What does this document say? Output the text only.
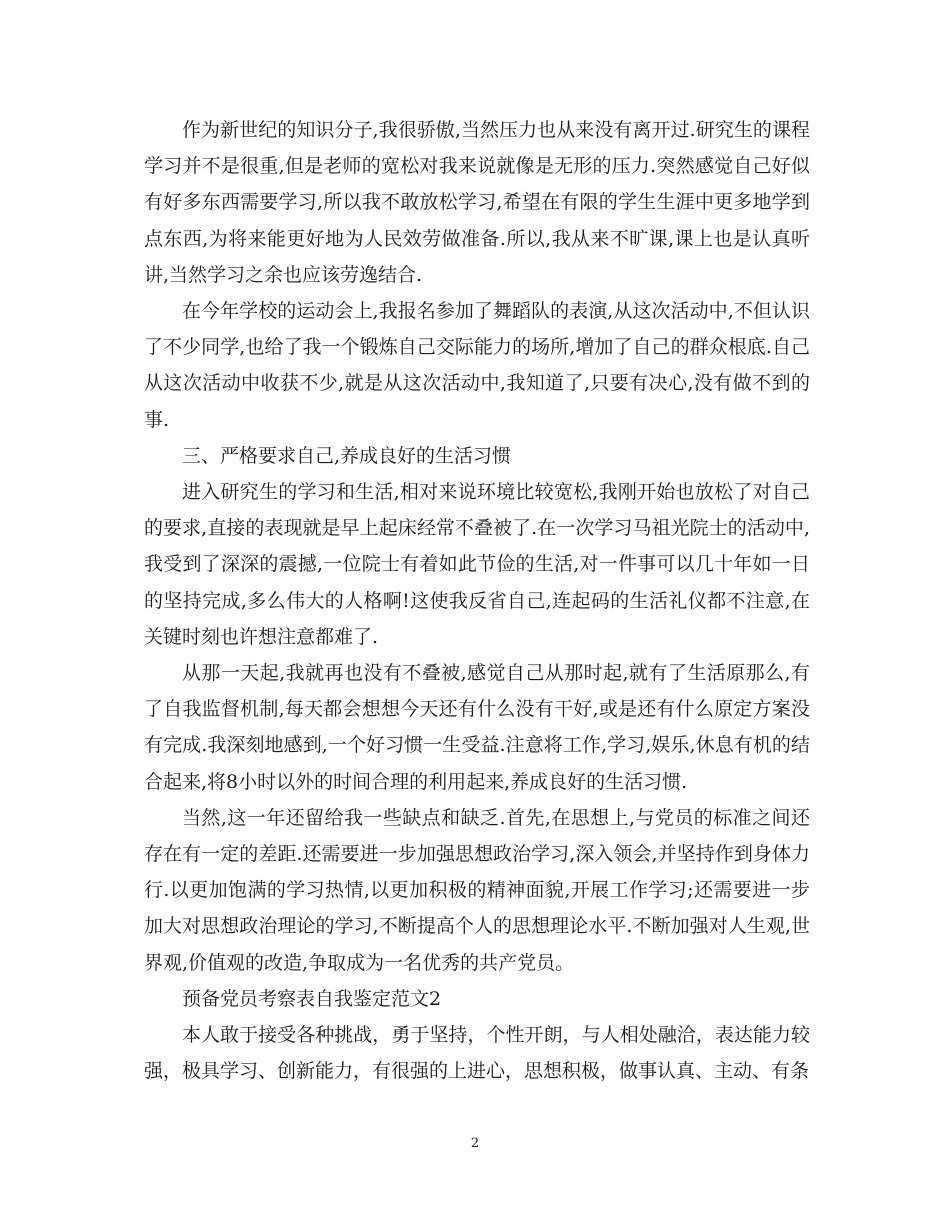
作为新世纪的知识分子,我很骄傲,当然压力也从来没有离开过.研究生的课程学习并不是很重,但是老师的宽松对我来说就像是无形的压力.突然感觉自己好似有好多东西需要学习,所以我不敢放松学习,希望在有限的学生生涯中更多地学到点东西,为将来能更好地为人民效劳做准备.所以,我从来不旷课,课上也是认真听讲,当然学习之余也应该劳逸结合.

在今年学校的运动会上,我报名参加了舞蹈队的表演,从这次活动中,不但认识了不少同学,也给了我一个锻炼自己交际能力的场所,增加了自己的群众根底.自己从这次活动中收获不少,就是从这次活动中,我知道了,只要有决心,没有做不到的事.

三、严格要求自己,养成良好的生活习惯

进入研究生的学习和生活,相对来说环境比较宽松,我刚开始也放松了对自己的要求,直接的表现就是早上起床经常不叠被了.在一次学习马祖光院士的活动中,我受到了深深的震撼,一位院士有着如此节俭的生活,对一件事可以几十年如一日的坚持完成,多么伟大的人格啊!这使我反省自己,连起码的生活礼仪都不注意,在关键时刻也许想注意都难了.

从那一天起,我就再也没有不叠被,感觉自己从那时起,就有了生活原那么,有了自我监督机制,每天都会想想今天还有什么没有干好,或是还有什么原定方案没有完成.我深刻地感到,一个好习惯一生受益.注意将工作,学习,娱乐,休息有机的结合起来,将8小时以外的时间合理的利用起来,养成良好的生活习惯.

当然,这一年还留给我一些缺点和缺乏.首先,在思想上,与党员的标准之间还存在有一定的差距.还需要进一步加强思想政治学习,深入领会,并坚持作到身体力行.以更加饱满的学习热情,以更加积极的精神面貌,开展工作学习;还需要进一步加大对思想政治理论的学习,不断提高个人的思想理论水平.不断加强对人生观,世界观,价值观的改造,争取成为一名优秀的共产党员。

预备党员考察表自我鉴定范文2

本人敢于接受各种挑战，勇于坚持，个性开朗，与人相处融洽，表达能力较强，极具学习、创新能力，有很强的上进心，思想积极，做事认真、主动、有条

2
